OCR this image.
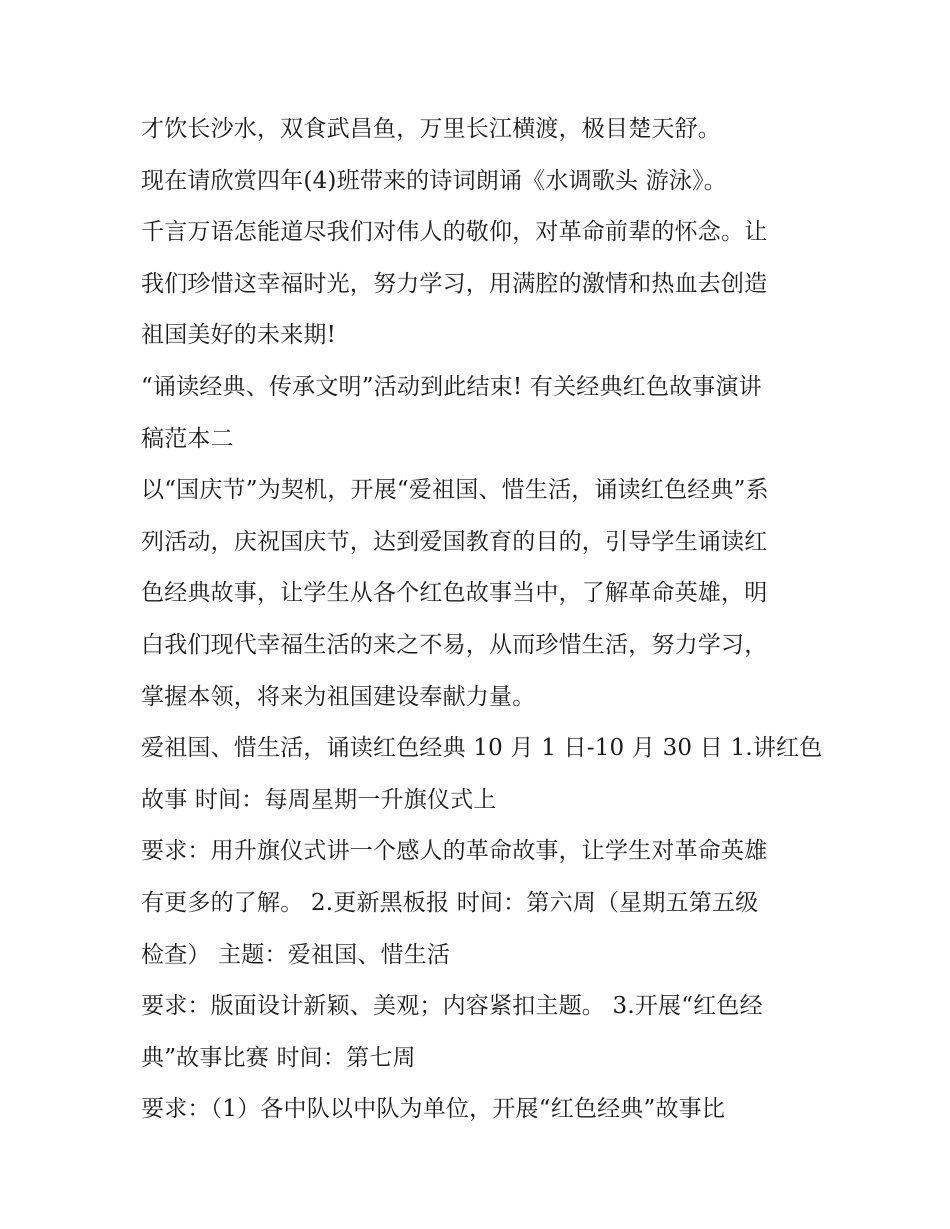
才饮长沙水，双食武昌鱼，万里长江横渡，极目楚天舒。
现在请欣赏四年(4)班带来的诗词朗诵《水调歌头 游泳》。
千言万语怎能道尽我们对伟人的敬仰，对革命前辈的怀念。让
我们珍惜这幸福时光，努力学习，用满腔的激情和热血去创造
祖国美好的未来期!
“诵读经典、传承文明”活动到此结束! 有关经典红色故事演讲
稿范本二
以“国庆节”为契机，开展“爱祖国、惜生活，诵读红色经典”系
列活动，庆祝国庆节，达到爱国教育的目的，引导学生诵读红
色经典故事，让学生从各个红色故事当中，了解革命英雄，明
白我们现代幸福生活的来之不易，从而珍惜生活，努力学习，
掌握本领，将来为祖国建设奉献力量。
爱祖国、惜生活，诵读红色经典 10 月 1 日-10 月 30 日 1.讲红色
故事 时间：每周星期一升旗仪式上
要求：用升旗仪式讲一个感人的革命故事，让学生对革命英雄
有更多的了解。 2.更新黑板报 时间：第六周（星期五第五级
检查） 主题：爱祖国、惜生活
要求：版面设计新颖、美观；内容紧扣主题。 3.开展“红色经
典”故事比赛 时间：第七周
要求：（1）各中队以中队为单位，开展“红色经典”故事比
